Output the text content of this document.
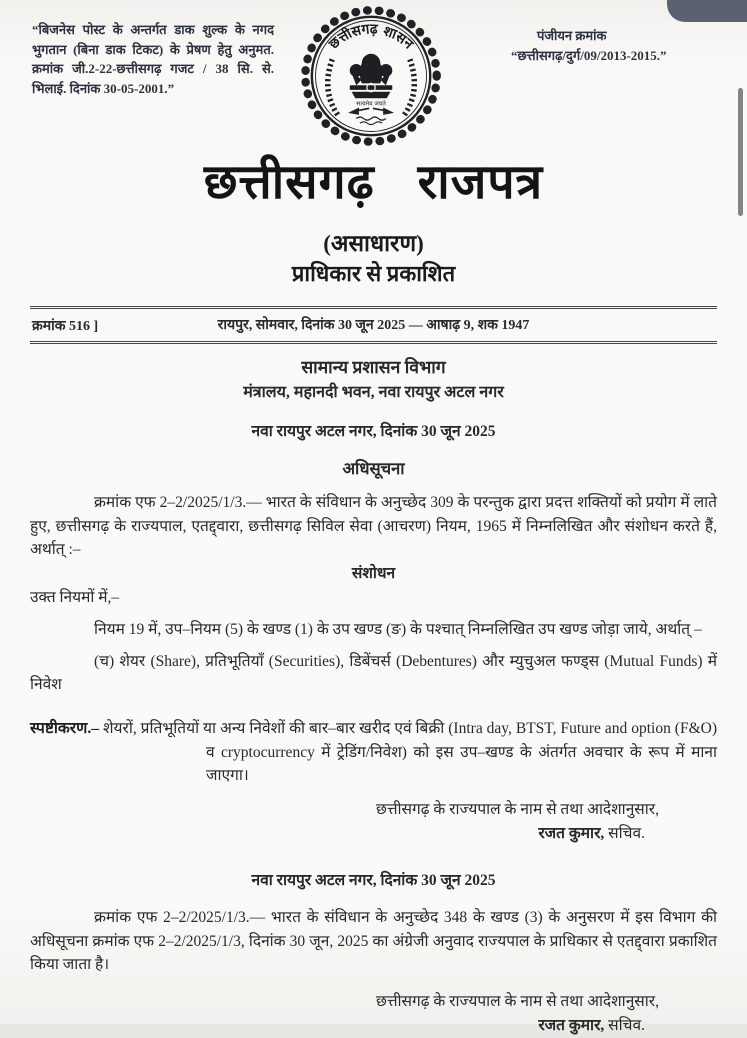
“बिजनेस पोस्ट के अन्तर्गत डाक शुल्क के नगद भुगतान (बिना डाक टिकट) के प्रेषण हेतु अनुमत. क्रमांक जी.2-22-छत्तीसगढ़ गजट / 38 सि. से. भिलाई. दिनांक 30-05-2001.”
पंजीयन क्रमांक
“छत्तीसगढ़/दुर्ग/09/2013-2015.”
छत्तीसगढ़ शासन
सत्यमेव जयते
छत्तीसगढ़ राजपत्र
(असाधारण)
प्राधिकार से प्रकाशित
क्रमांक 516 ]	रायपुर, सोमवार, दिनांक 30 जून 2025 — आषाढ़ 9, शक 1947
सामान्य प्रशासन विभाग
मंत्रालय, महानदी भवन, नवा रायपुर अटल नगर
नवा रायपुर अटल नगर, दिनांक 30 जून 2025
अधिसूचना

क्रमांक एफ 2–2/2025/1/3.— भारत के संविधान के अनुच्छेद 309 के परन्तुक द्वारा प्रदत्त शक्तियों को प्रयोग में लाते हुए, छत्तीसगढ़ के राज्यपाल, एतद्द्वारा, छत्तीसगढ़ सिविल सेवा (आचरण) नियम, 1965 में निम्नलिखित और संशोधन करते हैं, अर्थात् :–

संशोधन
उक्त नियमों में,–

नियम 19 में, उप–नियम (5) के खण्ड (1) के उप खण्ड (ङ) के पश्चात् निम्नलिखित उप खण्ड जोड़ा जाये, अर्थात् –

(च) शेयर (Share), प्रतिभूतियाँ (Securities), डिबेंचर्स (Debentures) और म्युचुअल फण्ड्स (Mutual Funds) में निवेश

स्पष्टीकरण.– शेयरों, प्रतिभूतियों या अन्य निवेशों की बार–बार खरीद एवं बिक्री (Intra day, BTST, Future and option (F&O) व cryptocurrency में ट्रेडिंग/निवेश) को इस उप–खण्ड के अंतर्गत अवचार के रूप में माना जाएगा।
छत्तीसगढ़ के राज्यपाल के नाम से तथा आदेशानुसार,
रजत कुमार, सचिव.
नवा रायपुर अटल नगर, दिनांक 30 जून 2025

क्रमांक एफ 2–2/2025/1/3.— भारत के संविधान के अनुच्छेद 348 के खण्ड (3) के अनुसरण में इस विभाग की अधिसूचना क्रमांक एफ 2–2/2025/1/3, दिनांक 30 जून, 2025 का अंग्रेजी अनुवाद राज्यपाल के प्राधिकार से एतद्द्वारा प्रकाशित किया जाता है।

छत्तीसगढ़ के राज्यपाल के नाम से तथा आदेशानुसार,
रजत कुमार, सचिव.
